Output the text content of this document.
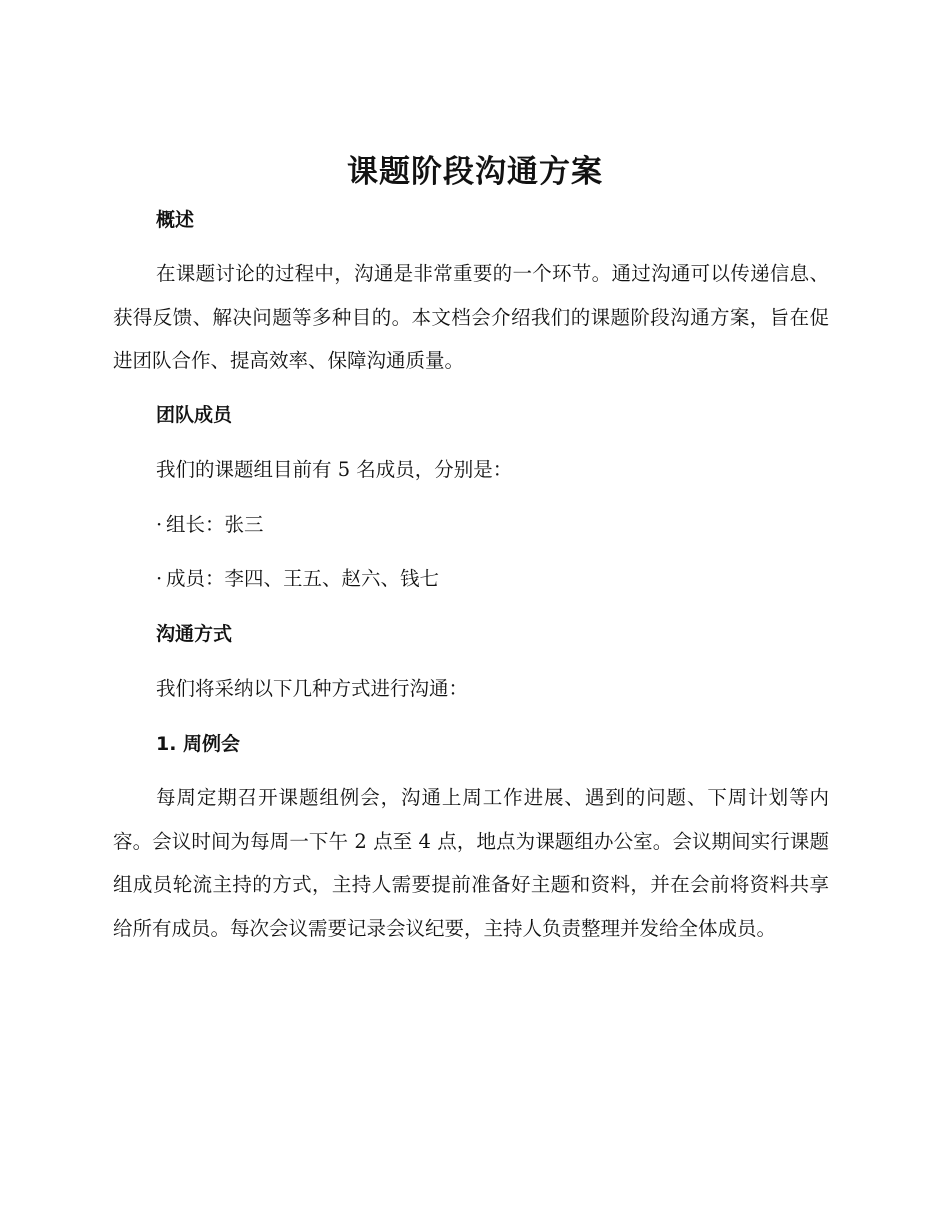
课题阶段沟通方案
概述
在课题讨论的过程中，沟通是非常重要的一个环节。通过沟通可以传递信息、获得反馈、解决问题等多种目的。本文档会介绍我们的课题阶段沟通方案，旨在促进团队合作、提高效率、保障沟通质量。
团队成员
我们的课题组目前有 5 名成员，分别是：
· 组长：张三
· 成员：李四、王五、赵六、钱七
沟通方式
我们将采纳以下几种方式进行沟通：
1. 周例会
每周定期召开课题组例会，沟通上周工作进展、遇到的问题、下周计划等内容。会议时间为每周一下午 2 点至 4 点，地点为课题组办公室。会议期间实行课题组成员轮流主持的方式，主持人需要提前准备好主题和资料，并在会前将资料共享给所有成员。每次会议需要记录会议纪要，主持人负责整理并发给全体成员。
